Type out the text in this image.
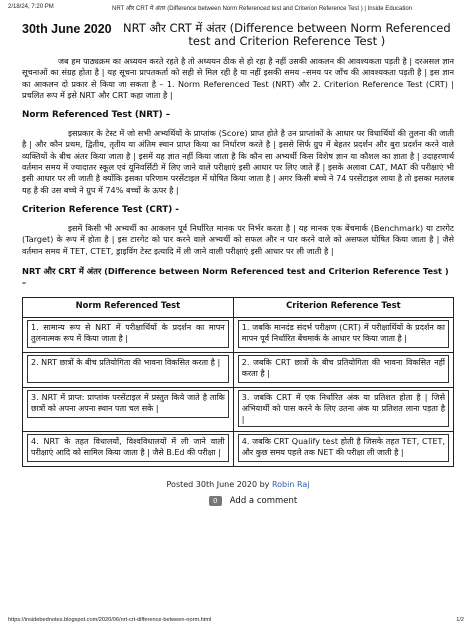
2/18/24, 7:20 PM	NRT और CRT में अंतर (Difference between Norm Referenced test and Criterion Reference Test ) | Inside Education
30th June 2020 NRT और CRT में अंतर (Difference between Norm Referenced test and Criterion Reference Test )

जब हम पाठ्यक्रम का अध्ययन करते रहते है तो अध्ययन ठीक से हो रहा है नहीं उसकी आकलन की आवश्यकता पड़ती है | दरअसल ज्ञान सूचनाओं का संग्रह होता है | यह सूचना प्रापतकर्ता को सही से मिल रही है या नहीं इसकी समय –समय पर जाँच की आवश्यकता पड़ती है | इस ज्ञान का आकलन दो प्रकार से किया जा सकता है – 1. Norm Referenced Test (NRT) और 2. Criterion Reference Test (CRT) | प्रचलित रूप में इसे NRT और CRT कहा जाता है |

Norm Referenced Test (NRT) –

इसप्रकार के टेस्ट में जो सभी अभ्यर्थियों के प्राप्तांक (Score) प्राप्त होते है उन प्राप्तांकों के आधार पर विधार्थियों की तुलना की जाती है | और कौन प्रथम, द्वितीय, तृतीय या अंतिम स्थान प्राप्त किया का निर्धारण करते है | इससे सिर्फ ग्रुप में बेहतर प्रदर्शन और बुरा प्रदर्शन करने वाले व्यक्तियों के बीच अंतर किया जाता है | इसमें यह ज्ञात नहीं किया जाता है कि कौन सा अभ्यर्थी किस विशेष ज्ञान या कौशल का ज्ञाता है | उदाहरणार्थ वर्तमान समय में ज्यादातर स्कूल एवं यूनिवर्सिटी में लिए जाने वाले परीक्षाएं इसी आधार पर लिए जाते हैं | इसके अलावा CAT, MAT की परीक्षाएं भी इसी आधार पर ली जाती है क्योंकि इसका परिणाम परसेंटाइल में घोषित किया जाता है | अगर किसी बच्चे ने 74 परसेंटाइल लाया है तो इसका मतलब यह है की उस बच्चे ने ग्रुप में 74% बच्चों के ऊपर है |

Criterion Reference Test (CRT) -

इसमें किसी भी अभ्यर्थी का आकलन पूर्व निर्धारित मानक पर निर्भर करता है | यह मानक एक बेंचमार्क (Benchmark) या टारगेट (Target) के रूप में होता है | इस टारगेट को पार करने वाले अभ्यर्थी को सफल और न पार करने वाले को असफल घोषित किया जाता है | जैसे वर्तमान समय में TET, CTET, ड्राइविंग टेस्ट इत्यादि में ली जाने वाली परीक्षाएं इसी आधार पर ली जाती है |

NRT और CRT में अंतर (Difference between Norm Referenced test and Criterion Reference Test ) –
Norm Referenced Test	Criterion Reference Test

1. सामान्य रूप से NRT में परीक्षार्थियों के प्रदर्शन का मापन तुलनात्मक रूप में किया जाता है |	1. जबकि मानदंड संदर्भ परीक्षण (CRT) में परीक्षार्थियों के प्रदर्शन का मापन पूर्व निर्धारित बेंचमार्क के आधार पर किया जाता है |

2. NRT छात्रों के बीच प्रतियोगिता की भावना विकसित करता है |	2. जबकि CRT छात्रों के बीच प्रतियोगिता की भावना विकसित नहीं करता है |

3. NRT में प्राप्त: प्राप्तांक परसेंटाइल में प्रस्तुत किये जाते है ताकि छात्रों को अपना अपना स्थान पता चल सके |	3. जबकि CRT में एक निर्धारित अंक या प्रतिशत होता है | जिसे अभियार्थी को पास करने के लिए उतना अंक या प्रतिशत लाना पड़ता है |

4. NRT के तहत विधालयों, विश्वविधालयों में ली जाने वाली परीक्षाएं आदि को सामिल किया जाता है | जैसे B.Ed की परीक्षा |	4. जबकि CRT Qualify test होती है जिसके तहत TET, CTET, और कुछ समय पहले तक NET की परीक्षा ली जाती है |
Posted 30th June 2020 by Robin Raj
0	Add a comment
https://insidebednotes.blogspot.com/2020/06/nrt-crt-difference-between-norm.html	1/2
